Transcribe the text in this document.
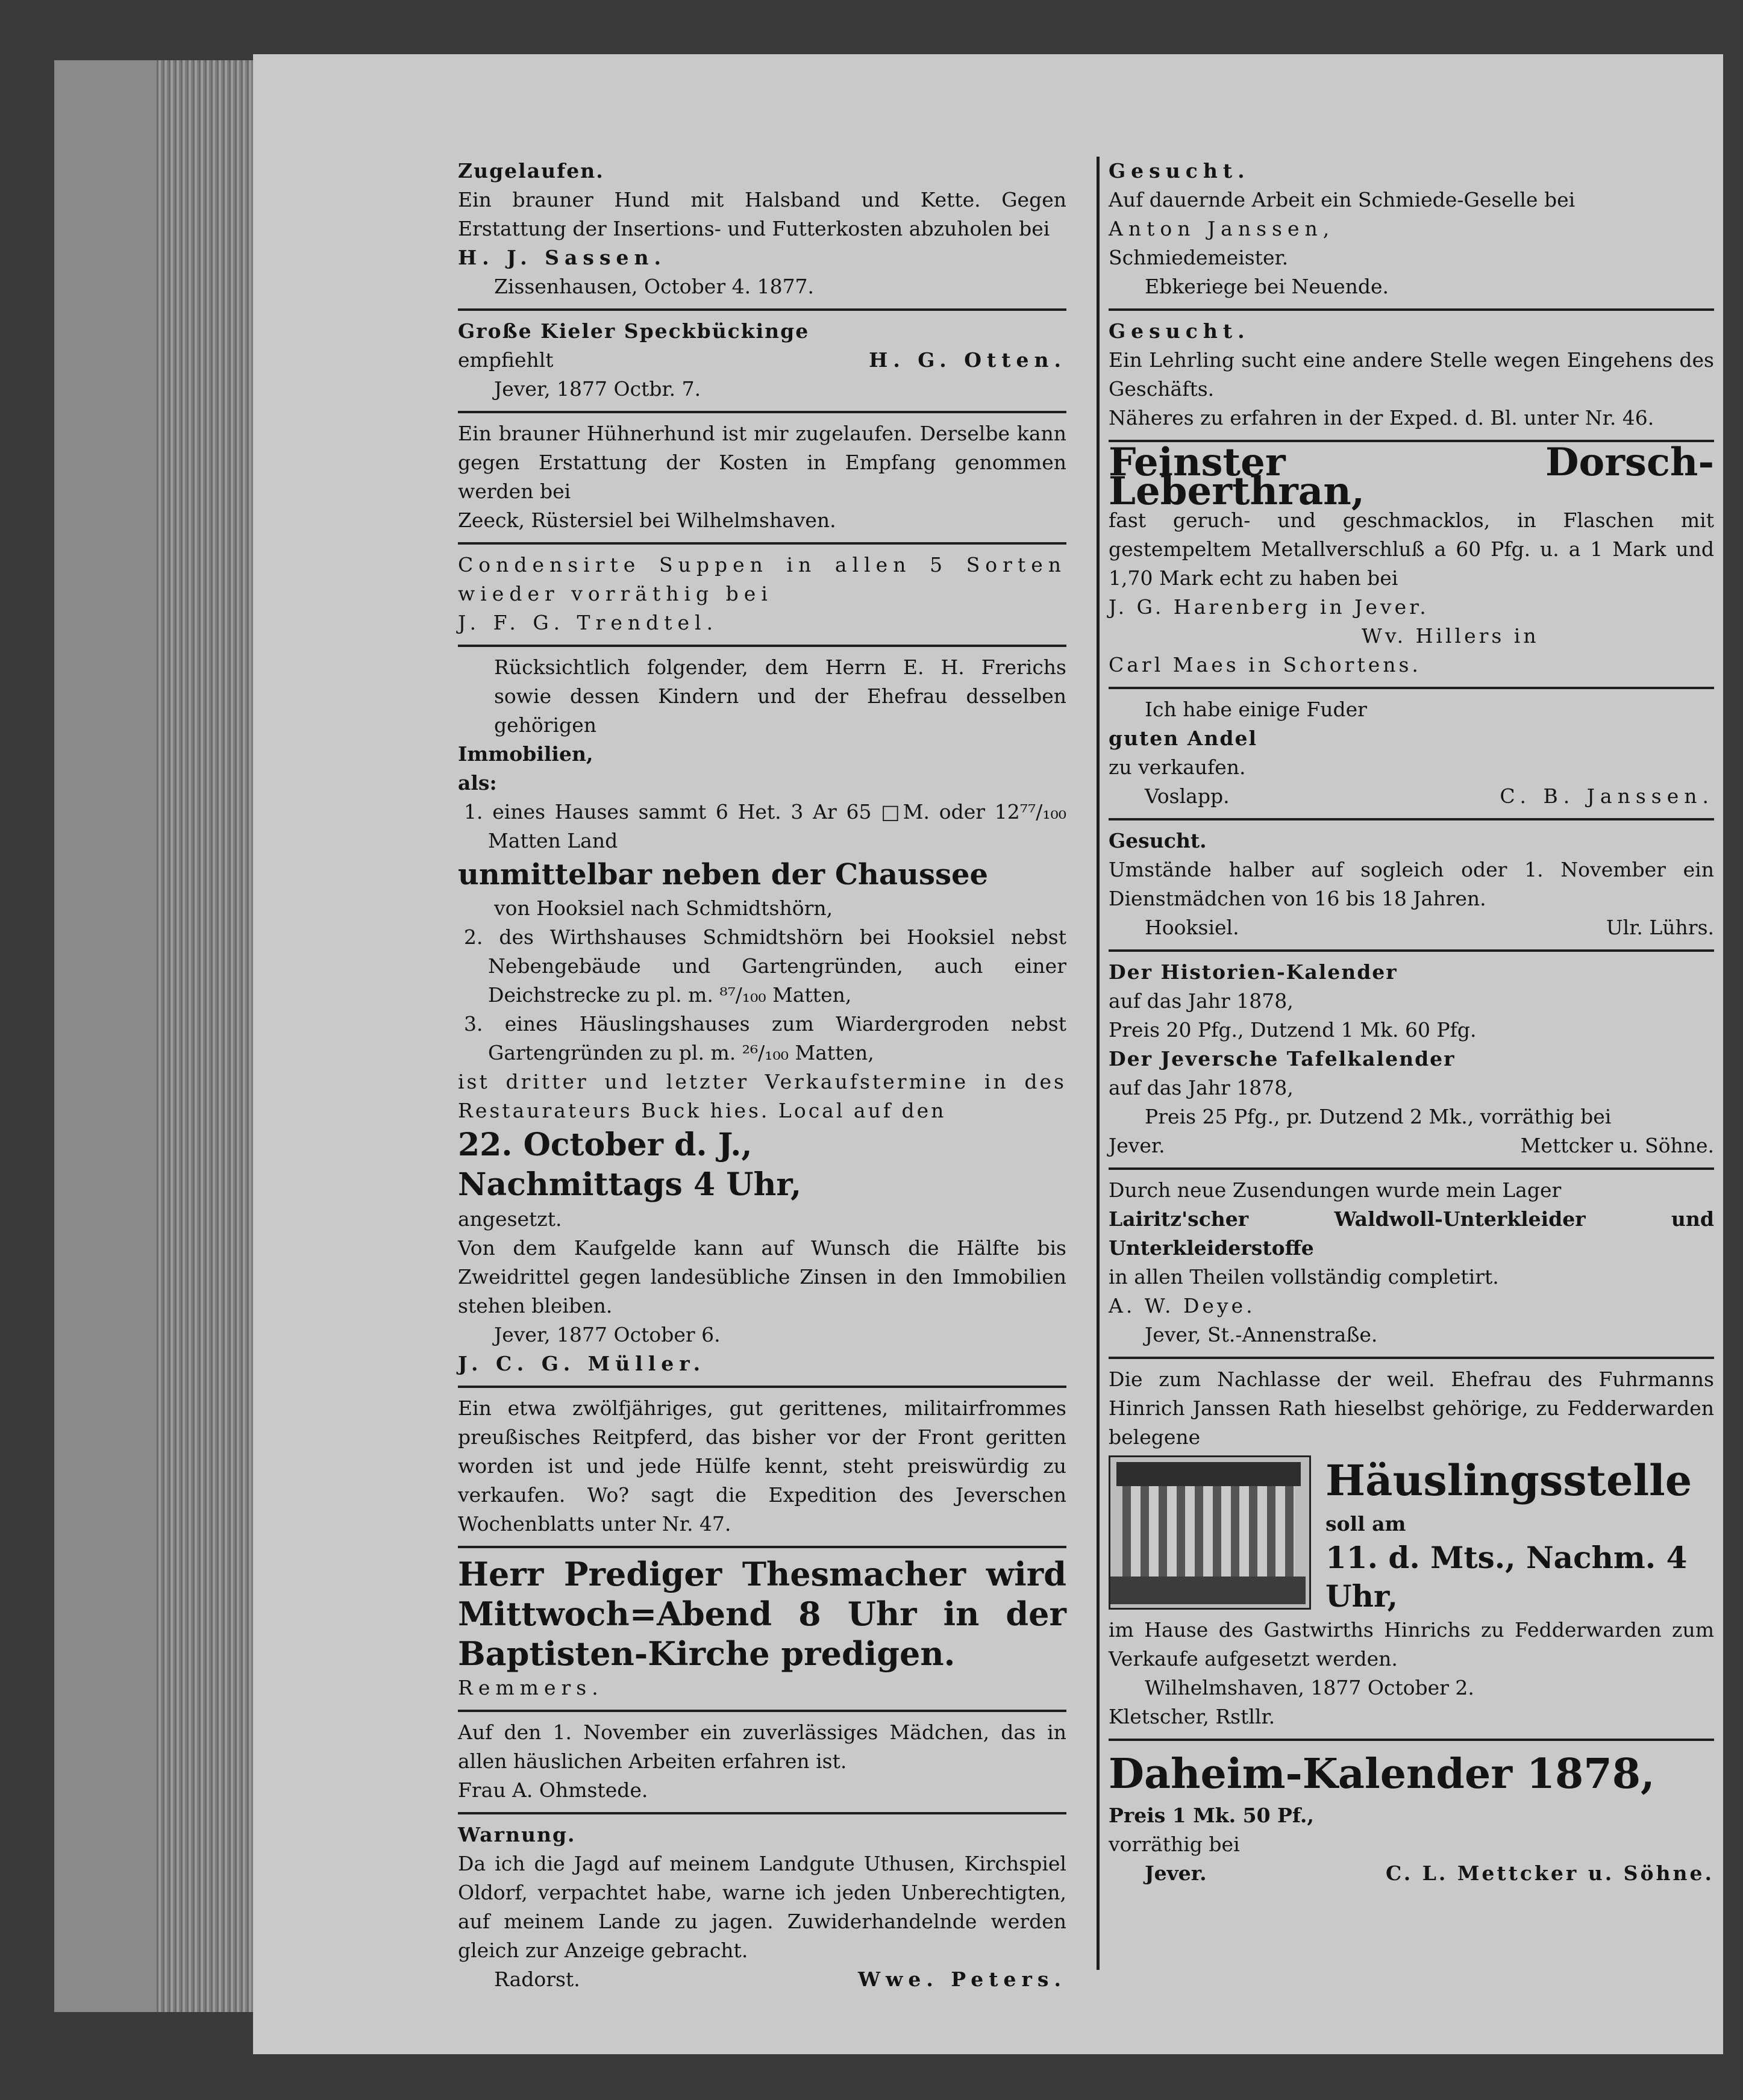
Zugelaufen.

Ein brauner Hund mit Halsband und Kette. Gegen Erstattung der Insertions- und Futterkosten abzuholen bei

H. J. Sassen.

Zissenhausen, October 4. 1877.

Große Kieler Speckbückinge

empfiehlt	H. G. Otten.

Jever, 1877 Octbr. 7.

Ein brauner Hühnerhund ist mir zugelaufen. Derselbe kann gegen Erstattung der Kosten in Empfang genommen werden bei

Zeeck, Rüstersiel bei Wilhelmshaven.

Condensirte Suppen in allen 5 Sorten wieder vorräthig bei

J. F. G. Trendtel.

Rücksichtlich folgender, dem Herrn E. H. Frerichs sowie dessen Kindern und der Ehefrau desselben gehörigen

Immobilien,

als:

1. eines Hauses sammt 6 Het. 3 Ar 65 □M. oder 12⁷⁷/₁₀₀ Matten Land

unmittelbar neben der Chaussee

von Hooksiel nach Schmidtshörn,

2. des Wirthshauses Schmidtshörn bei Hooksiel nebst Nebengebäude und Gartengründen, auch einer Deichstrecke zu pl. m. ⁸⁷/₁₀₀ Matten,

3. eines Häuslingshauses zum Wiardergroden nebst Gartengründen zu pl. m. ²⁶/₁₀₀ Matten,

ist dritter und letzter Verkaufstermine in des Restaurateurs Buck hies. Local auf den

22. October d. J.,

Nachmittags 4 Uhr,

angesetzt.

Von dem Kaufgelde kann auf Wunsch die Hälfte bis Zweidrittel gegen landesübliche Zinsen in den Immobilien stehen bleiben.

Jever, 1877 October 6.

J. C. G. Müller.

Ein etwa zwölfjähriges, gut gerittenes, militairfrommes preußisches Reitpferd, das bisher vor der Front geritten worden ist und jede Hülfe kennt, steht preiswürdig zu verkaufen. Wo? sagt die Expedition des Jeverschen Wochenblatts unter Nr. 47.

Herr Prediger Thesmacher wird Mittwoch=Abend 8 Uhr in der Baptisten-Kirche predigen.

Remmers.

Auf den 1. November ein zuverlässiges Mädchen, das in allen häuslichen Arbeiten erfahren ist.

Frau A. Ohmstede.

Warnung.

Da ich die Jagd auf meinem Landgute Uthusen, Kirchspiel Oldorf, verpachtet habe, warne ich jeden Unberechtigten, auf meinem Lande zu jagen. Zuwiderhandelnde werden gleich zur Anzeige gebracht.

Radorst.	Wwe. Peters.

Gesucht.

Auf dauernde Arbeit ein Schmiede-Geselle bei

Anton Janssen,

Schmiedemeister.

Ebkeriege bei Neuende.

Gesucht.

Ein Lehrling sucht eine andere Stelle wegen Eingehens des Geschäfts.

Näheres zu erfahren in der Exped. d. Bl. unter Nr. 46.

Feinster Dorsch-Leberthran,

fast geruch- und geschmacklos, in Flaschen mit gestempeltem Metallverschluß a 60 Pfg. u. a 1 Mark und 1,70 Mark echt zu haben bei

J. G. Harenberg in Jever.

Wv. Hillers in

Carl Maes in Schortens.

Ich habe einige Fuder

guten Andel

zu verkaufen.

Voslapp.	C. B. Janssen.

Gesucht.

Umstände halber auf sogleich oder 1. November ein Dienstmädchen von 16 bis 18 Jahren.

Hooksiel.	Ulr. Lührs.

Der Historien-Kalender

auf das Jahr 1878,

Preis 20 Pfg., Dutzend 1 Mk. 60 Pfg.

Der Jeversche Tafelkalender

auf das Jahr 1878,

Preis 25 Pfg., pr. Dutzend 2 Mk., vorräthig bei

Jever.	Mettcker u. Söhne.

Durch neue Zusendungen wurde mein Lager

Lairitz'scher Waldwoll-Unterkleider und Unterkleiderstoffe

in allen Theilen vollständig completirt.

A. W. Deye.

Jever, St.-Annenstraße.

Die zum Nachlasse der weil. Ehefrau des Fuhrmanns Hinrich Janssen Rath hieselbst gehörige, zu Fedderwarden belegene

Häuslingsstelle

soll am

11. d. Mts., Nachm. 4 Uhr,

im Hause des Gastwirths Hinrichs zu Fedderwarden zum Verkaufe aufgesetzt werden.

Wilhelmshaven, 1877 October 2.

Kletscher, Rstllr.

Daheim-Kalender 1878,

Preis 1 Mk. 50 Pf.,

vorräthig bei

Jever.	C. L. Mettcker u. Söhne.
